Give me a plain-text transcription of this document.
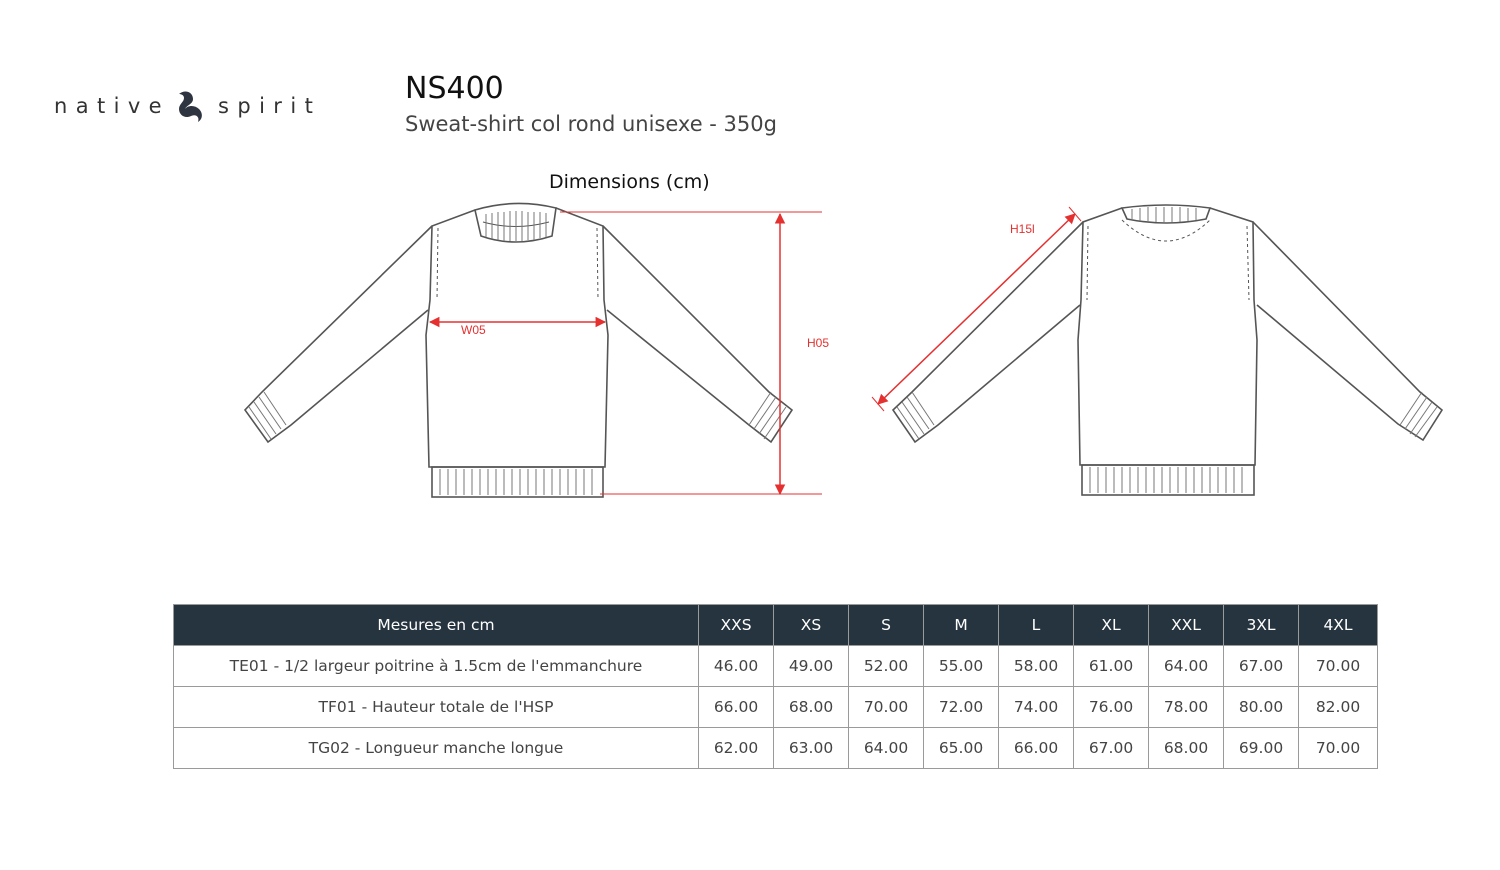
native spirit	NS400
Sweat-shirt col rond unisexe - 350g
Dimensions (cm)
W05
H05
H15l
Mesures en cm	XXS	XS	S	M	L	XL	XXL	3XL	4XL
TE01 - 1/2 largeur poitrine à 1.5cm de l'emmanchure	46.00	49.00	52.00	55.00	58.00	61.00	64.00	67.00	70.00
TF01 - Hauteur totale de l'HSP	66.00	68.00	70.00	72.00	74.00	76.00	78.00	80.00	82.00
TG02 - Longueur manche longue	62.00	63.00	64.00	65.00	66.00	67.00	68.00	69.00	70.00
